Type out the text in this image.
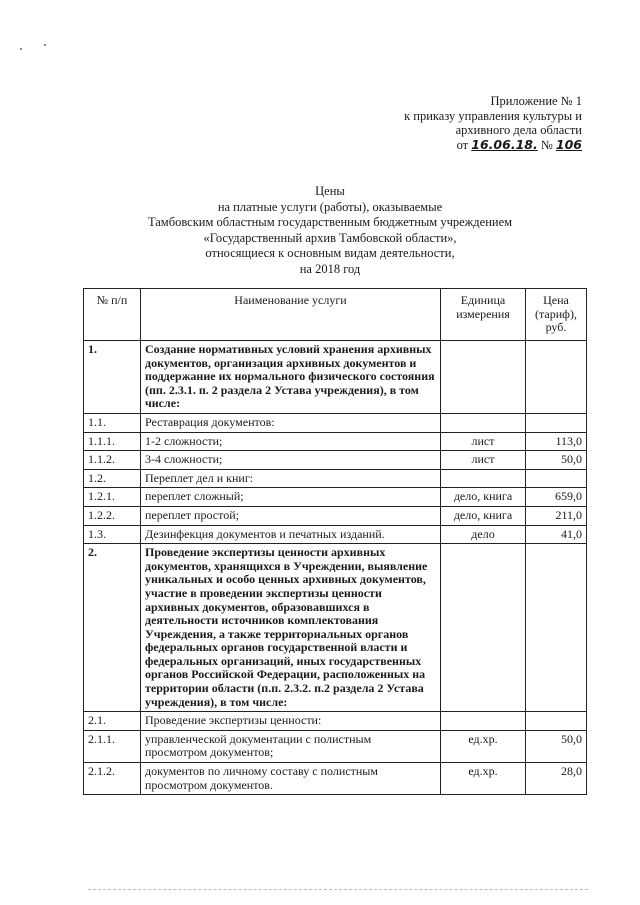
Приложение № 1
к приказу управления культуры и
архивного дела области
от 16.06.18. № 106
Цены
на платные услуги (работы), оказываемые
Тамбовским областным государственным бюджетным учреждением
«Государственный архив Тамбовской области»,
относящиеся к основным видам деятельности,
на 2018 год
№ п/п	Наименование услуги	Единица измерения	Цена (тариф), руб.
1.	Создание нормативных условий хранения архивных документов, организация архивных документов и поддержание их нормального физического состояния (пп. 2.3.1. п. 2 раздела 2 Устава учреждения), в том числе:		
1.1.	Реставрация документов:		
1.1.1.	1-2 сложности;	лист	113,0
1.1.2.	3-4 сложности;	лист	50,0
1.2.	Переплет дел и книг:		
1.2.1.	переплет сложный;	дело, книга	659,0
1.2.2.	переплет простой;	дело, книга	211,0
1.3.	Дезинфекция документов и печатных изданий.	дело	41,0
2.	Проведение экспертизы ценности архивных документов, хранящихся в Учреждении, выявление уникальных и особо ценных архивных документов, участие в проведении экспертизы ценности архивных документов, образовавшихся в деятельности источников комплектования Учреждения, а также территориальных органов федеральных органов государственной власти и федеральных организаций, иных государственных органов Российской Федерации, расположенных на территории области (п.п. 2.3.2. п.2 раздела 2 Устава учреждения), в том числе:		
2.1.	Проведение экспертизы ценности:		
2.1.1.	управленческой документации с полистным просмотром документов;	ед.хр.	50,0
2.1.2.	документов по личному составу с полистным просмотром документов.	ед.хр.	28,0
